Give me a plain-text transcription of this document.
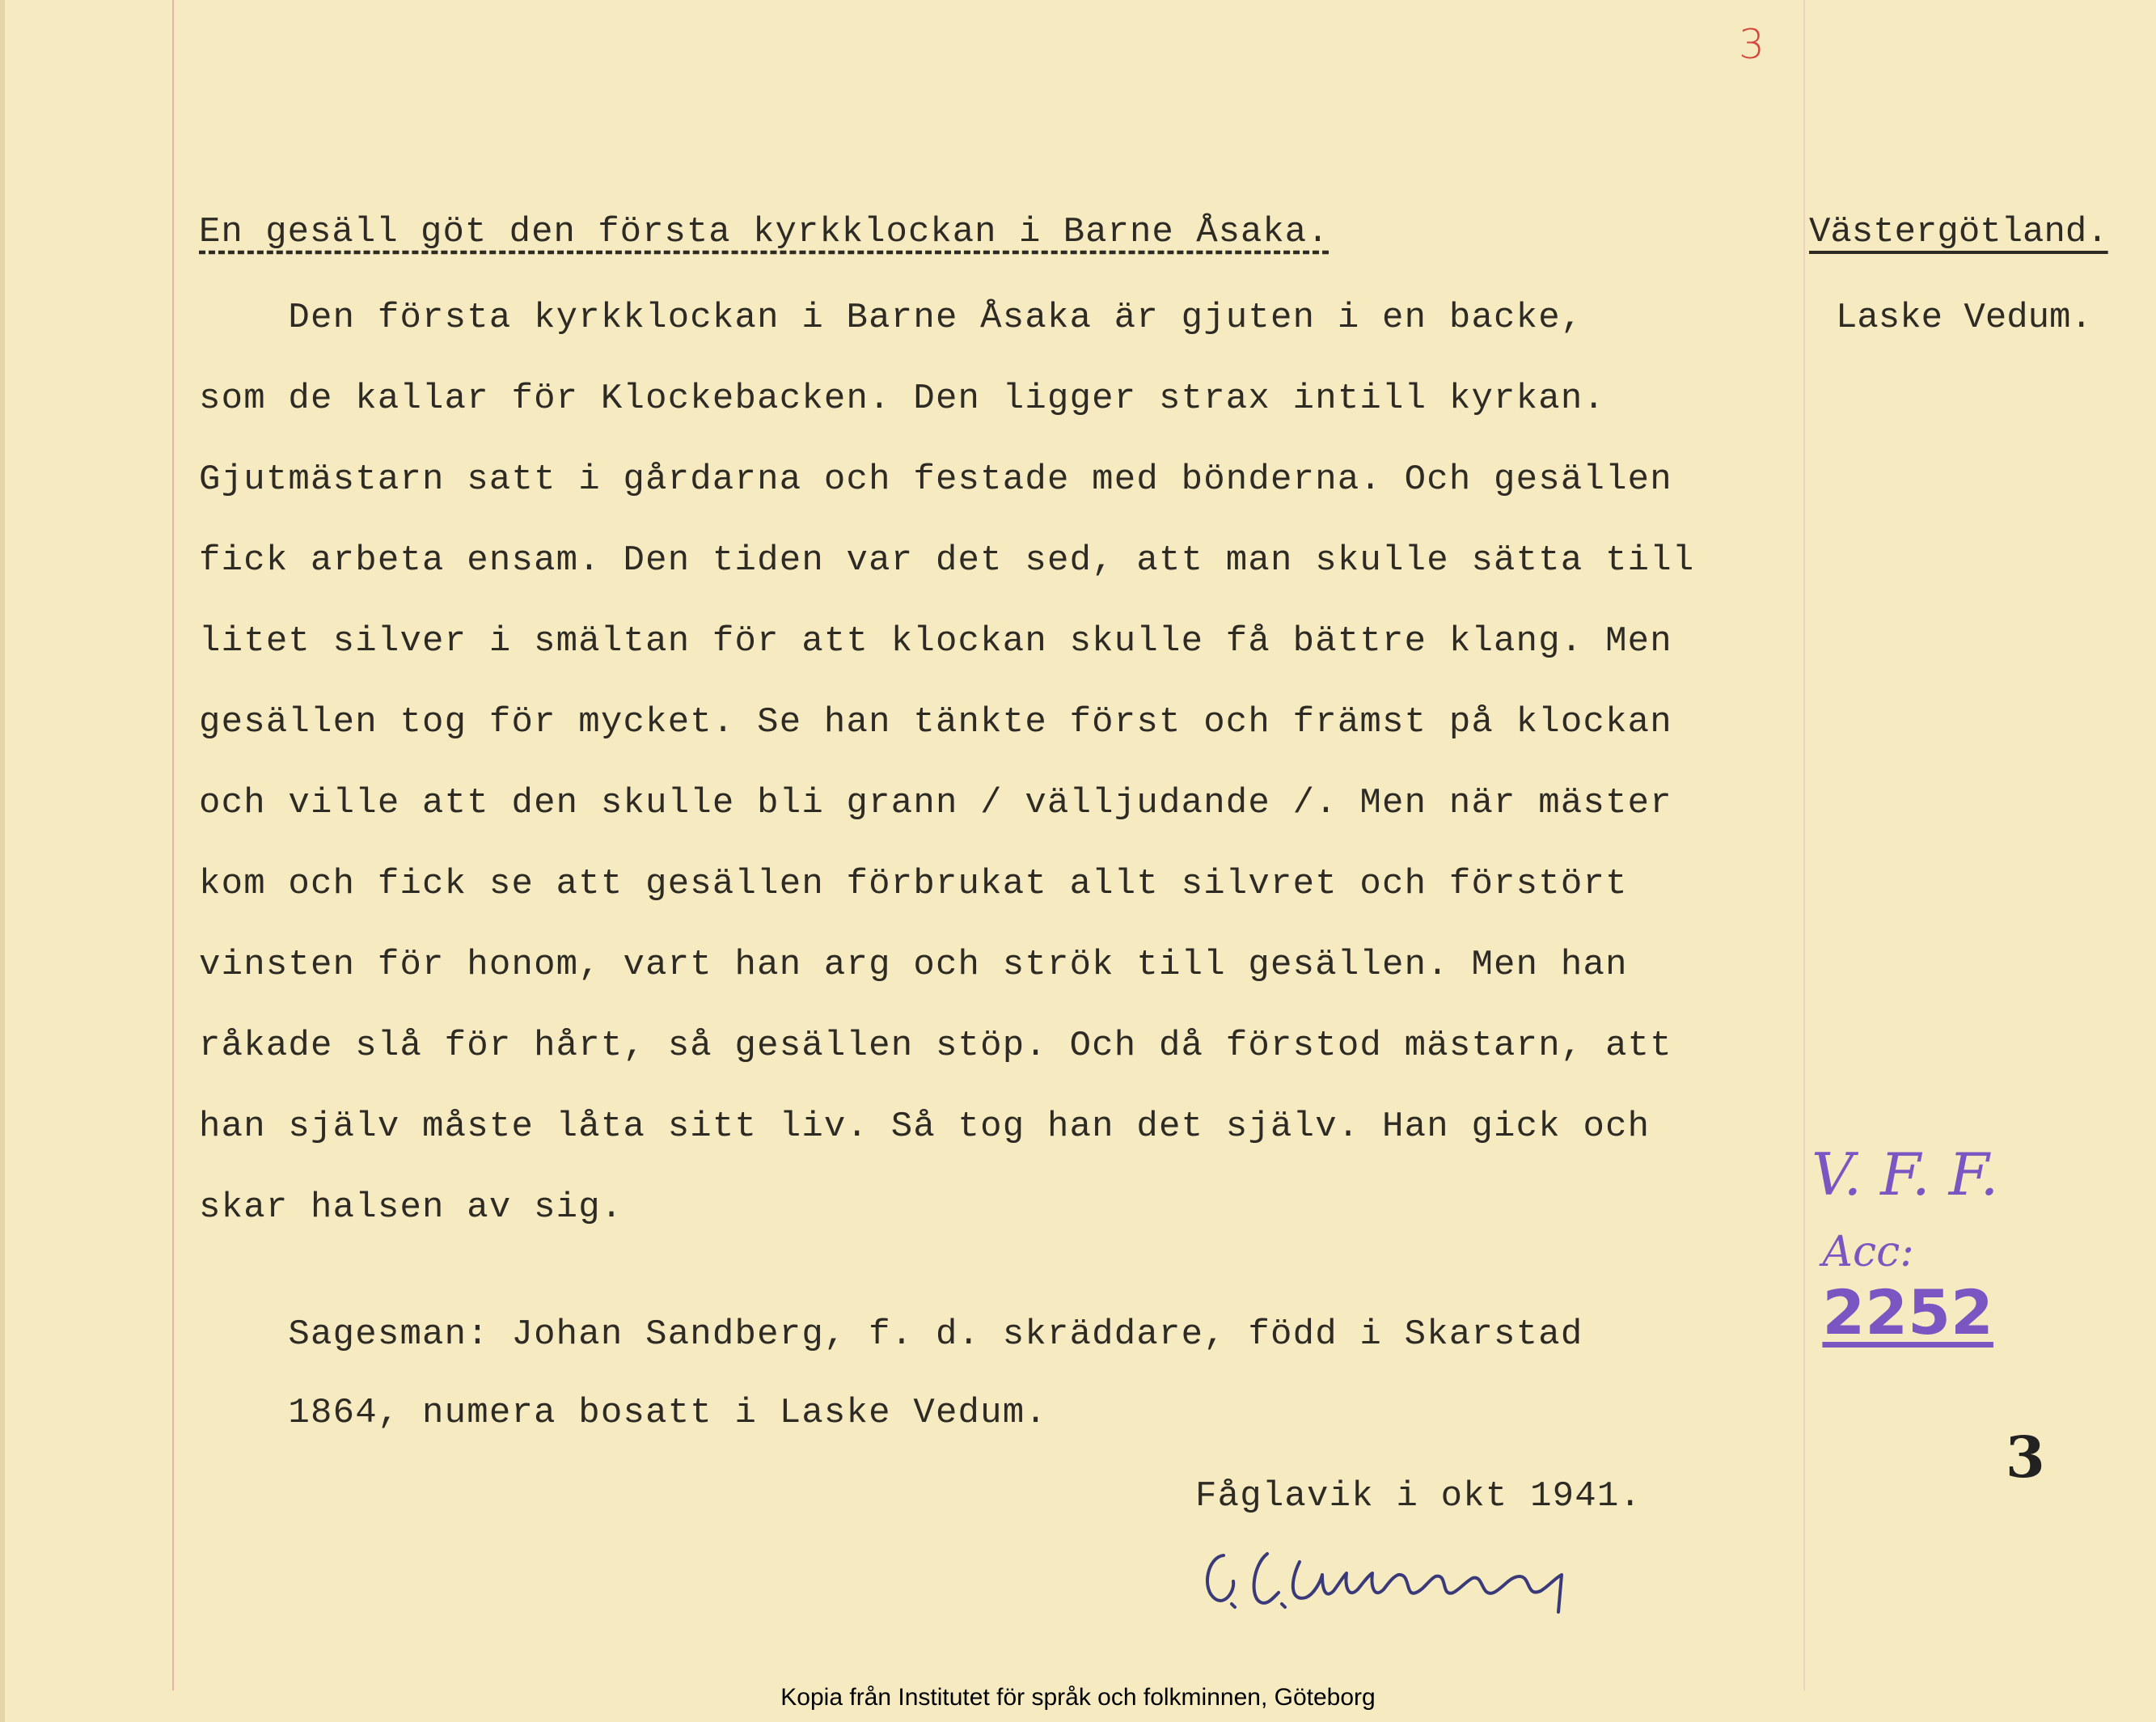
3
En gesäll göt den första kyrkklockan i Barne Åsaka.	Västergötland.
Laske Vedum.
Den första kyrkklockan i Barne Åsaka är gjuten i en backe,
som de kallar för Klockebacken. Den ligger strax intill kyrkan.
Gjutmästarn satt i gårdarna och festade med bönderna. Och gesällen
fick arbeta ensam. Den tiden var det sed, att man skulle sätta till
litet silver i smältan för att klockan skulle få bättre klang. Men
gesällen tog för mycket. Se han tänkte först och främst på klockan
och ville att den skulle bli grann / välljudande /. Men när mäster
kom och fick se att gesällen förbrukat allt silvret och förstört
vinsten för honom, vart han arg och strök till gesällen. Men han
råkade slå för hårt, så gesällen stöp. Och då förstod mästarn, att
han själv måste låta sitt liv. Så tog han det själv. Han gick och
skar halsen av sig.
Sagesman: Johan Sandberg, f. d. skräddare, född i Skarstad
1864, numera bosatt i Laske Vedum.
Fåglavik i okt 1941.
V. F. F.

Acc:
2252

3
Kopia från Institutet för språk och folkminnen, Göteborg
